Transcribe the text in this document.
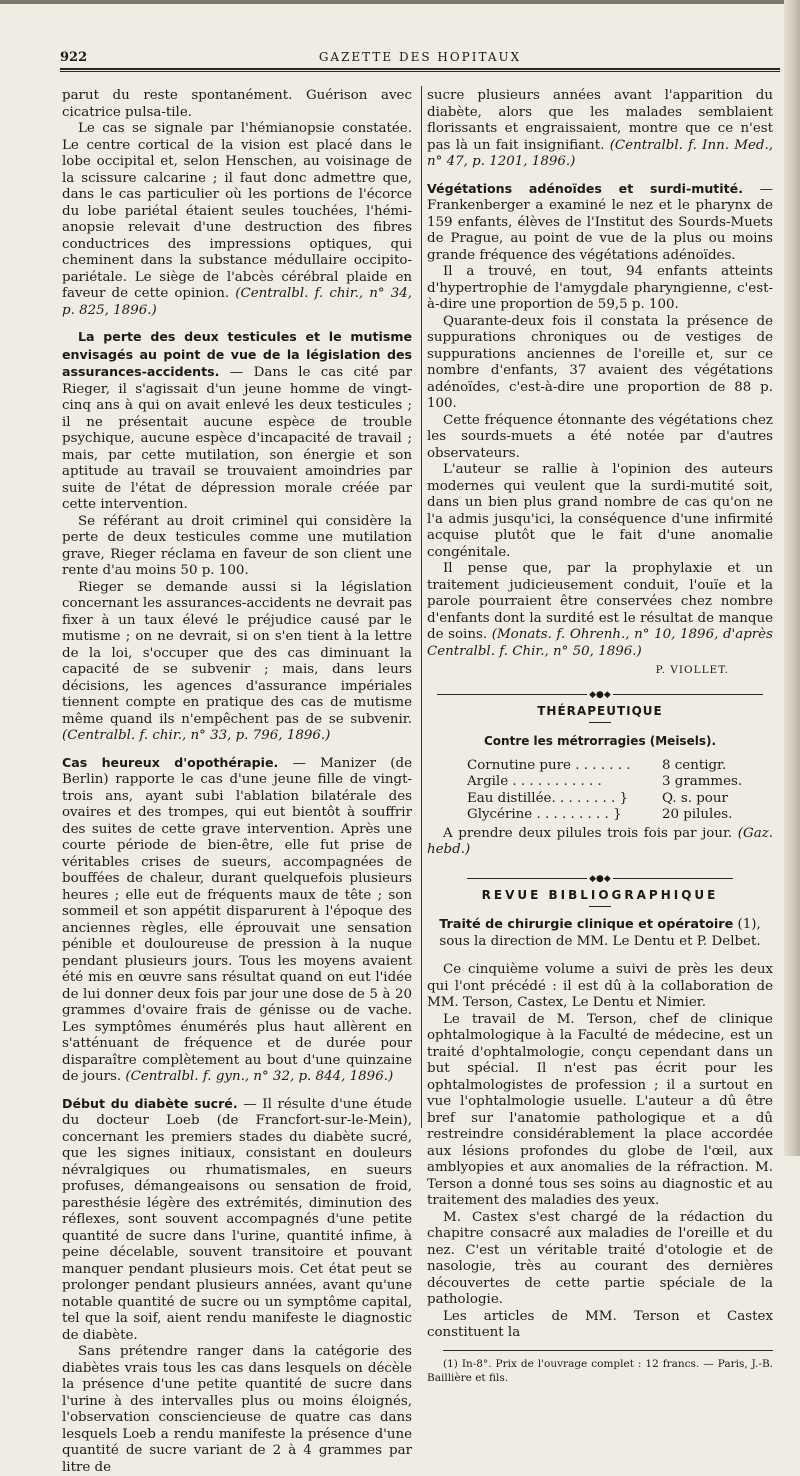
GAZETTE DES HOPITAUX
922

parut du reste spontanément. Guérison avec cicatrice pulsa-tile.

Le cas se signale par l'hémianopsie constatée. Le centre cortical de la vision est placé dans le lobe occipital et, selon Henschen, au voisinage de la scissure calcarine ; il faut donc admettre que, dans le cas particulier où les portions de l'écorce du lobe pariétal étaient seules touchées, l'hémi-anopsie relevait d'une destruction des fibres conductrices des impressions optiques, qui cheminent dans la substance médullaire occipito-pariétale. Le siège de l'abcès cérébral plaide en faveur de cette opinion. (Centralbl. f. chir., n° 34, p. 825, 1896.)

La perte des deux testicules et le mutisme envisagés au point de vue de la législation des assurances-accidents. — Dans le cas cité par Rieger, il s'agissait d'un jeune homme de vingt-cinq ans à qui on avait enlevé les deux testicules ; il ne présentait aucune espèce de trouble psychique, aucune espèce d'incapacité de travail ; mais, par cette mutilation, son énergie et son aptitude au travail se trouvaient amoindries par suite de l'état de dépression morale créée par cette intervention.

Se référant au droit criminel qui considère la perte de deux testicules comme une mutilation grave, Rieger réclama en faveur de son client une rente d'au moins 50 p. 100.

Rieger se demande aussi si la législation concernant les assurances-accidents ne devrait pas fixer à un taux élevé le préjudice causé par le mutisme ; on ne devrait, si on s'en tient à la lettre de la loi, s'occuper que des cas diminuant la capacité de se subvenir ; mais, dans leurs décisions, les agences d'assurance impériales tiennent compte en pratique des cas de mutisme même quand ils n'empêchent pas de se subvenir. (Centralbl. f. chir., n° 33, p. 796, 1896.)

Cas heureux d'opothérapie. — Manizer (de Berlin) rapporte le cas d'une jeune fille de vingt-trois ans, ayant subi l'ablation bilatérale des ovaires et des trompes, qui eut bientôt à souffrir des suites de cette grave intervention. Après une courte période de bien-être, elle fut prise de véritables crises de sueurs, accompagnées de bouffées de chaleur, durant quelquefois plusieurs heures ; elle eut de fréquents maux de tête ; son sommeil et son appétit disparurent à l'époque des anciennes règles, elle éprouvait une sensation pénible et douloureuse de pression à la nuque pendant plusieurs jours. Tous les moyens avaient été mis en œuvre sans résultat quand on eut l'idée de lui donner deux fois par jour une dose de 5 à 20 grammes d'ovaire frais de génisse ou de vache. Les symptômes énumérés plus haut allèrent en s'atténuant de fréquence et de durée pour disparaître complètement au bout d'une quinzaine de jours. (Centralbl. f. gyn., n° 32, p. 844, 1896.)

Début du diabète sucré. — Il résulte d'une étude du docteur Loeb (de Francfort-sur-le-Mein), concernant les premiers stades du diabète sucré, que les signes initiaux, consistant en douleurs névralgiques ou rhumatismales, en sueurs profuses, démangeaisons ou sensation de froid, paresthésie légère des extrémités, diminution des réflexes, sont souvent accompagnés d'une petite quantité de sucre dans l'urine, quantité infime, à peine décelable, souvent transitoire et pouvant manquer pendant plusieurs mois. Cet état peut se prolonger pendant plusieurs années, avant qu'une notable quantité de sucre ou un symptôme capital, tel que la soif, aient rendu manifeste le diagnostic de diabète.

Sans prétendre ranger dans la catégorie des diabètes vrais tous les cas dans lesquels on décèle la présence d'une petite quantité de sucre dans l'urine à des intervalles plus ou moins éloignés, l'observation consciencieuse de quatre cas dans lesquels Loeb a rendu manifeste la présence d'une quantité de sucre variant de 2 à 4 grammes par litre de

sucre plusieurs années avant l'apparition du diabète, alors que les malades semblaient florissants et engraissaient, montre que ce n'est pas là un fait insignifiant. (Centralbl. f. Inn. Med., n° 47, p. 1201, 1896.)

Végétations adénoïdes et surdi-mutité. — Frankenberger a examiné le nez et le pharynx de 159 enfants, élèves de l'Institut des Sourds-Muets de Prague, au point de vue de la plus ou moins grande fréquence des végétations adénoïdes.

Il a trouvé, en tout, 94 enfants atteints d'hypertrophie de l'amygdale pharyngienne, c'est-à-dire une proportion de 59,5 p. 100.

Quarante-deux fois il constata la présence de suppurations chroniques ou de vestiges de suppurations anciennes de l'oreille et, sur ce nombre d'enfants, 37 avaient des végétations adénoïdes, c'est-à-dire une proportion de 88 p. 100.

Cette fréquence étonnante des végétations chez les sourds-muets a été notée par d'autres observateurs.

L'auteur se rallie à l'opinion des auteurs modernes qui veulent que la surdi-mutité soit, dans un bien plus grand nombre de cas qu'on ne l'a admis jusqu'ici, la conséquence d'une infirmité acquise plutôt que le fait d'une anomalie congénitale.

Il pense que, par la prophylaxie et un traitement judicieusement conduit, l'ouïe et la parole pourraient être conservées chez nombre d'enfants dont la surdité est le résultat de manque de soins. (Monats. f. Ohrenh., n° 10, 1896, d'après Centralbl. f. Chir., n° 50, 1896.)

P. VIOLLET.
◆●◆
THÉRAPEUTIQUE
Contre les métrorragies (Meisels).
Cornutine pure . . . . . . .	8 centigr.
Argile . . . . . . . . . . .	3 grammes.
Eau distillée. . . . . . . . }	Q. s. pour
Glycérine . . . . . . . . . }	20 pilules.

A prendre deux pilules trois fois par jour. (Gaz. hebd.)

◆●◆
REVUE BIBLIOGRAPHIQUE
Traité de chirurgie clinique et opératoire (1), sous la direction de MM. Le Dentu et P. Delbet.

Ce cinquième volume a suivi de près les deux qui l'ont précédé : il est dû à la collaboration de MM. Terson, Castex, Le Dentu et Nimier.

Le travail de M. Terson, chef de clinique ophtalmologique à la Faculté de médecine, est un traité d'ophtalmologie, conçu cependant dans un but spécial. Il n'est pas écrit pour les ophtalmologistes de profession ; il a surtout en vue l'ophtalmologie usuelle. L'auteur a dû être bref sur l'anatomie pathologique et a dû restreindre considérablement la place accordée aux lésions profondes du globe de l'œil, aux amblyopies et aux anomalies de la réfraction. M. Terson a donné tous ses soins au diagnostic et au traitement des maladies des yeux.

M. Castex s'est chargé de la rédaction du chapitre consacré aux maladies de l'oreille et du nez. C'est un véritable traité d'otologie et de nasologie, très au courant des dernières découvertes de cette partie spéciale de la pathologie.

Les articles de MM. Terson et Castex constituent la

(1) In-8°. Prix de l'ouvrage complet : 12 francs. — Paris, J.-B. Baillière et fils.
